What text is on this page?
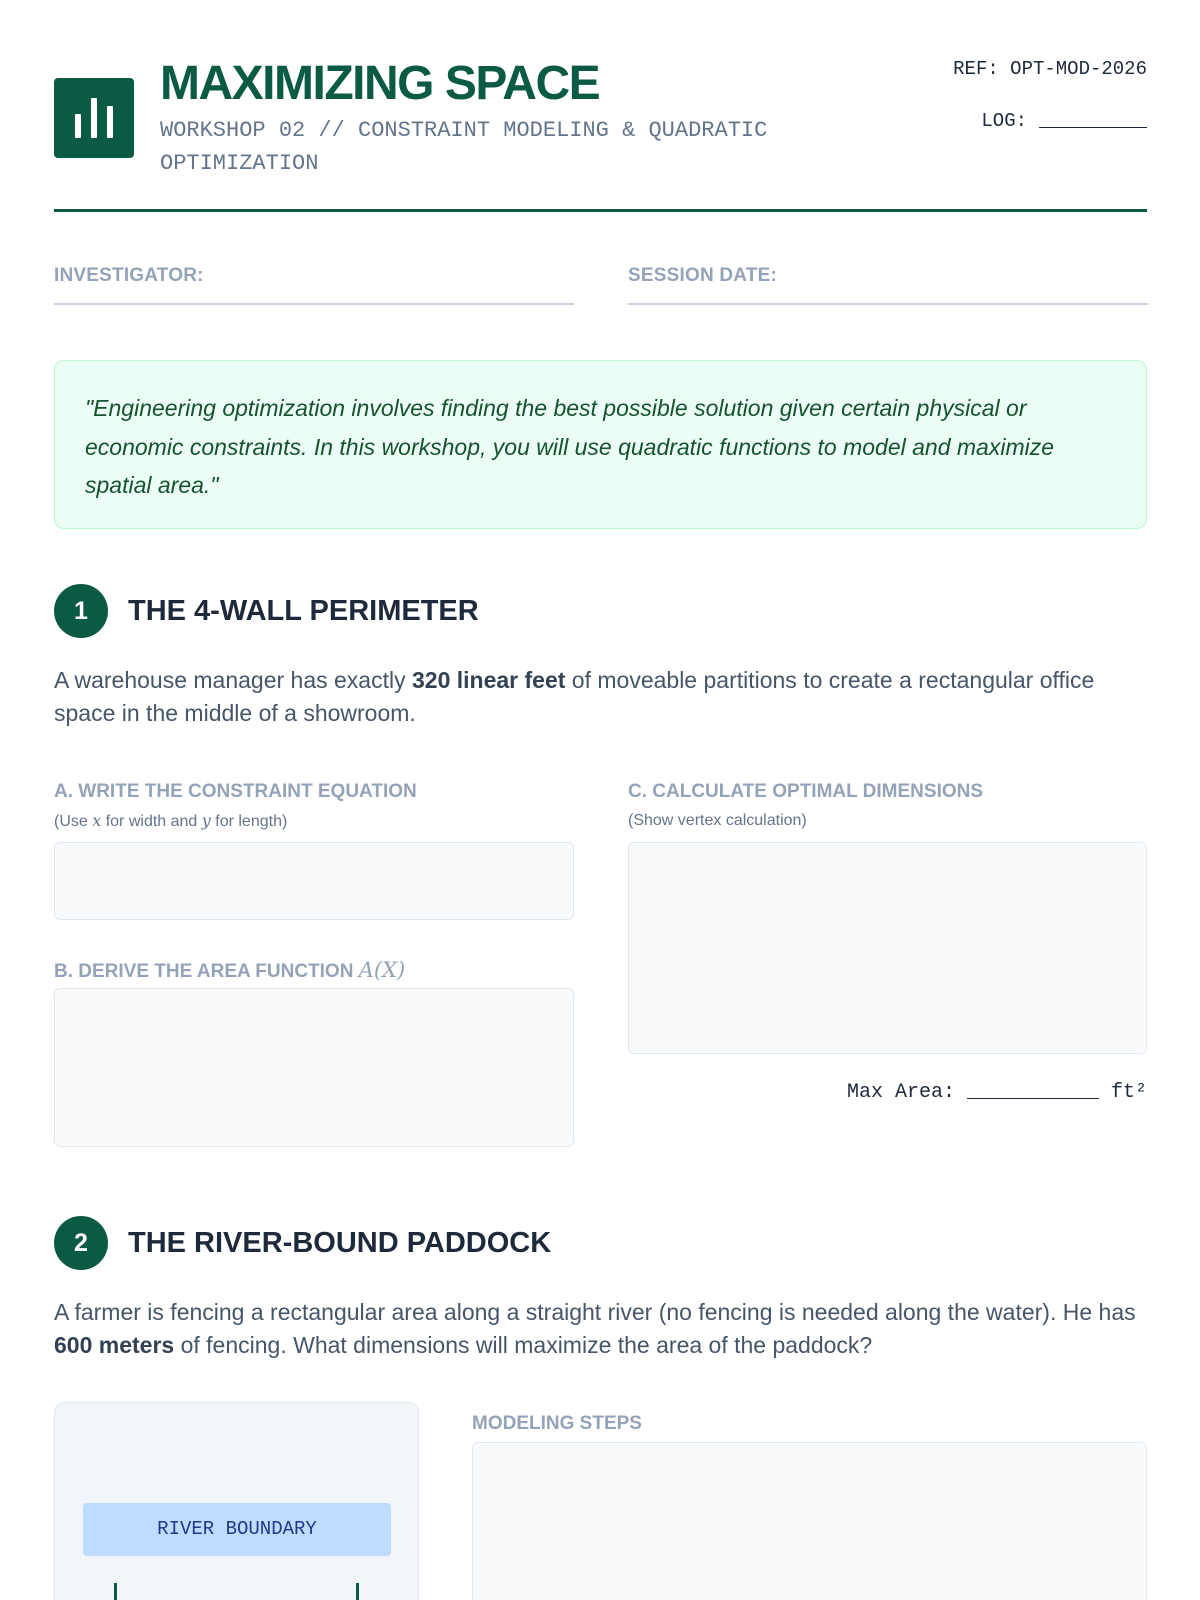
MAXIMIZING SPACE
WORKSHOP 02 // CONSTRAINT MODELING & QUADRATIC OPTIMIZATION
REF: OPT-MOD-2026
LOG:
INVESTIGATOR:	SESSION DATE:

"Engineering optimization involves finding the best possible solution given certain physical or economic constraints. In this workshop, you will use quadratic functions to model and maximize spatial area."

1	THE 4-WALL PERIMETER
A warehouse manager has exactly 320 linear feet of moveable partitions to create a rectangular office space in the middle of a showroom.
A. WRITE THE CONSTRAINT EQUATION
(Use x for width and y for length)
B. DERIVE THE AREA FUNCTION A(X)
C. CALCULATE OPTIMAL DIMENSIONS
(Show vertex calculation)
Max Area:	ft²
2	THE RIVER-BOUND PADDOCK
A farmer is fencing a rectangular area along a straight river (no fencing is needed along the water). He has 600 meters of fencing. What dimensions will maximize the area of the paddock?
RIVER BOUNDARY
MODELING STEPS
